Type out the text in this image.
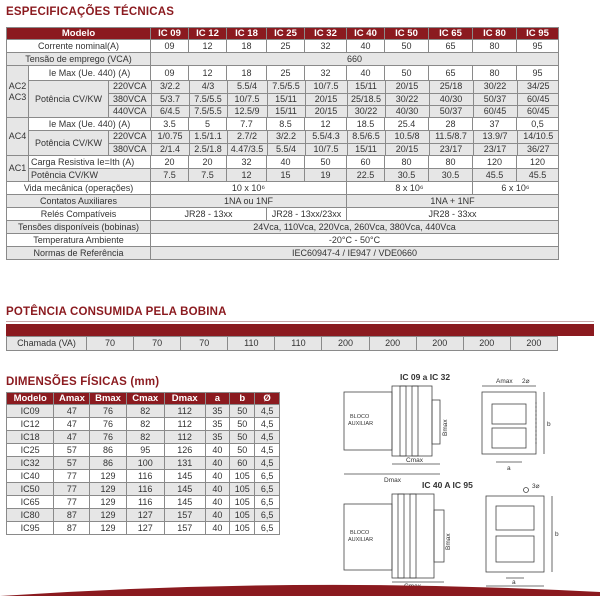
ESPECIFICAÇÕES TÉCNICAS
Modelo	IC 09	IC 12	IC 18	IC 25	IC 32	IC 40	IC 50	IC 65	IC 80	IC 95
Corrente nominal(A)	09	12	18	25	32	40	50	65	80	95
Tensão de emprego (VCA)	660

AC2
AC3
	Ie Max (Ue. 440) (A)	09	12	18	25	32	40	50	65	80	95
Potência CV/KW	
220VCA	3/2.2	4/3	5.5/4	7.5/5.5	10/7.5	15/11	20/15	25/18	30/22	34/25
380VCA	5/3.7	7.5/5.5	10/7.5	15/11	20/15	25/18.5	30/22	40/30	50/37	60/45
440VCA	6/4.5	7.5/5.5	12.5/9	15/11	20/15	30/22	40/30	50/37	60/45	60/45

AC4	Ie Max (Ue. 440) (A)	3.5	5	7.7	8.5	12	18.5	25.4	28	37	0,5
Potência CV/KW	
220VCA	1/0.75	1.5/1.1	2.7/2	3/2.2	5.5/4.3	8.5/6.5	10.5/8	11.5/8.7	13.9/7	14/10.5
380VCA	2/1.4	2.5/1.8	4.47/3.5	5.5/4	10/7.5	15/11	20/15	23/17	23/17	36/27

AC1	Carga Resistiva Ie=Ith (A)	20	20	32	40	50	60	80	80	120	120
Potência CV/KW	7.5	7.5	12	15	19	22.5	30.5	30.5	45.5	45.5
Vida mecânica (operações)	10 x 10⁶	8 x 10⁶	6 x 10⁶
Contatos Auxiliares	1NA ou 1NF	1NA + 1NF
Relés Compatíveis	JR28 - 13xx	JR28 - 13xx/23xx	JR28 - 33xx
Tensões disponíveis (bobinas)	24Vca, 110Vca, 220Vca, 260Vca, 380Vca, 440Vca
Temperatura Ambiente	-20°C - 50°C
Normas de Referência	IEC60947-4 / IE947 / VDE0660
POTÊNCIA CONSUMIDA PELA BOBINA
Chamada (VA)	70	70	70	110	110	200	200	200	200	200
DIMENSÕES FÍSICAS (mm)
Modelo	Amax	Bmax	Cmax	Dmax	a	b	Ø
IC09	47	76	82	112	35	50	4,5
IC12	47	76	82	112	35	50	4,5
IC18	47	76	82	112	35	50	4,5
IC25	57	86	95	126	40	50	4,5
IC32	57	86	100	131	40	60	4,5
IC40	77	129	116	145	40	105	6,5
IC50	77	129	116	145	40	105	6,5
IC65	77	129	116	145	40	105	6,5
IC80	87	129	127	157	40	105	6,5
IC95	87	129	127	157	40	105	6,5
IC 09 a IC 32
IC 40 A IC 95
BLOCO
AUXILIAR
BLOCO
AUXILIAR
Amax 2⌀
Bmax
Cmax
Dmax
b
a
3⌀
Bmax	b
a
